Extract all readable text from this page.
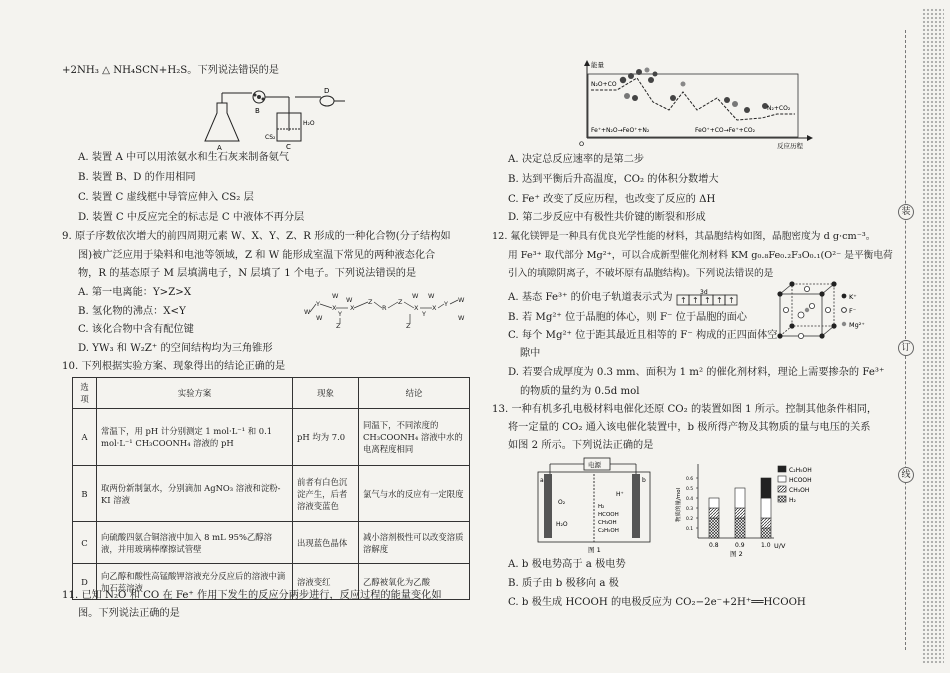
+2NH₃ △ NH₄SCN+H₂S。下列说法错误的是
A
B
C
D
CS₂
H₂O
A. 装置 A 中可以用浓氨水和生石灰来制备氨气
B. 装置 B、D 的作用相同
C. 装置 C 虚线框中导管应伸入 CS₂ 层
D. 装置 C 中反应完全的标志是 C 中液体不再分层
9. 原子序数依次增大的前四周期元素 W、X、Y、Z、R 形成的一种化合物(分子结构如
图)被广泛应用于染料和电池等领域，Z 和 W 能形成室温下常见的两种液态化合
物，R 的基态原子 M 层填满电子，N 层填了 1 个电子。下列说法错误的是
A. 第一电离能：Y>Z>X
B. 氢化物的沸点：X<Y
C. 该化合物中含有配位键
D. YW₃ 和 W₂Z⁺ 的空间结构均为三角锥形
W
Y
W
W
X
W
Y
X
Z
Z
R
Z
X
Z
Y
W
X Y W
W
W
10. 下列根据实验方案、现象得出的结论正确的是
选项	实验方案	现象	结论
A	常温下，用 pH 计分别测定 1 mol·L⁻¹ 和 0.1 mol·L⁻¹ CH₃COONH₄ 溶液的 pH	pH 均为 7.0	同温下，不同浓度的 CH₃COONH₄ 溶液中水的电离程度相同
B	取两份新制氯水，分别滴加 AgNO₃ 溶液和淀粉-KI 溶液	前者有白色沉淀产生，后者溶液变蓝色	氯气与水的反应有一定限度
C	向硫酸四氨合铜溶液中加入 8 mL 95%乙醇溶液，并用玻璃棒摩擦试管壁	出现蓝色晶体	减小溶剂极性可以改变溶质溶解度
D	向乙醇和酸性高锰酸钾溶液充分反应后的溶液中滴加石蕊溶液	溶液变红	乙醇被氧化为乙酸
11. 已知 N₂O 和 CO 在 Fe⁺ 作用下发生的反应分两步进行，反应过程的能量变化如
图。下列说法正确的是
能量
反应历程
O
N₂O+CO
N₂+CO₂
Fe⁺+N₂O→FeO⁺+N₂	FeO⁺+CO→Fe⁺+CO₂
A. 决定总反应速率的是第二步
B. 达到平衡后升高温度，CO₂ 的体积分数增大
C. Fe⁺ 改变了反应历程，也改变了反应的 ΔH
D. 第二步反应中有极性共价键的断裂和形成
12. 氟化镁钾是一种具有优良光学性能的材料，其晶胞结构如图，晶胞密度为 d g·cm⁻³。
用 Fe³⁺ 取代部分 Mg²⁺，可以合成新型催化剂材料 KM g₀.₈Fe₀.₂F₃O₀.₁(O²⁻ 是平衡电荷
引入的填隙阴离子，不破坏原有晶胞结构)。下列说法错误的是
A. 基态 Fe³⁺ 的价电子轨道表示式为	3d
↑ ↑ ↑ ↑ ↑
B. 若 Mg²⁺ 位于晶胞的体心，则 F⁻ 位于晶胞的面心
C. 每个 Mg²⁺ 位于距其最近且相等的 F⁻ 构成的正四面体空
隙中
D. 若要合成厚度为 0.3 mm、面积为 1 m² 的催化剂材料，理论上需要掺杂的 Fe³⁺
的物质的量约为 0.5d mol
K⁺
F⁻
Mg²⁺
13. 一种有机多孔电极材料电催化还原 CO₂ 的装置如图 1 所示。控制其他条件相同，
将一定量的 CO₂ 通入该电催化装置中，b 极所得产物及其物质的量与电压的关系
如图 2 所示。下列说法正确的是
电源
a	b
O₂
H₂O
H⁺
H₂
HCOOH
CH₃OH
C₂H₅OH
图 1
物质的量/mol
U/V
图 2
0.1
0.2
0.3
0.4
0.5
0.6
0.8	0.9	1.0
C₂H₅OH
HCOOH
CH₃OH
H₂
A. b 极电势高于 a 极电势
B. 质子由 b 极移向 a 极
C. b 极生成 HCOOH 的电极反应为 CO₂−2e⁻+2H⁺══HCOOH
装
订
线
